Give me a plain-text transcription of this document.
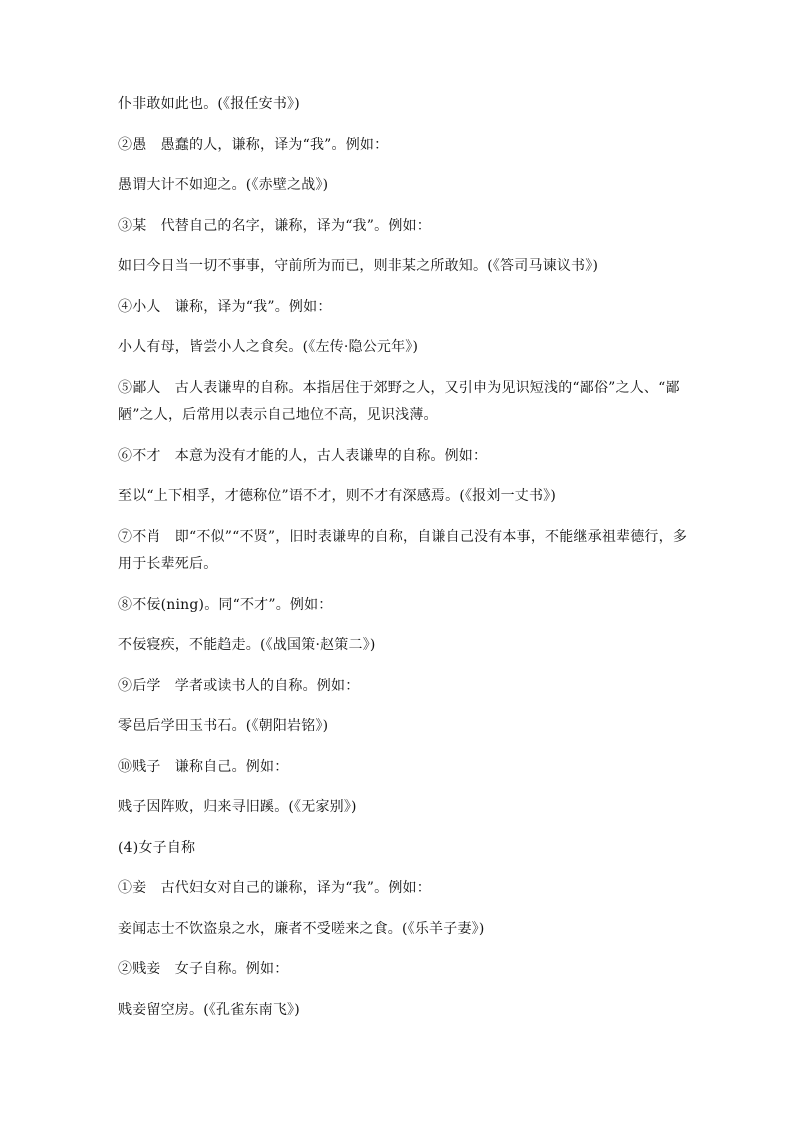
仆非敢如此也。(《报任安书》)

②愚　愚蠢的人，谦称，译为“我”。例如：

愚谓大计不如迎之。(《赤壁之战》)

③某　代替自己的名字，谦称，译为“我”。例如：

如曰今日当一切不事事，守前所为而已，则非某之所敢知。(《答司马谏议书》)

④小人　谦称，译为“我”。例如：

小人有母，皆尝小人之食矣。(《左传·隐公元年》)

⑤鄙人　古人表谦卑的自称。本指居住于郊野之人，又引申为见识短浅的“鄙俗”之人、“鄙陋”之人，后常用以表示自己地位不高，见识浅薄。

⑥不才　本意为没有才能的人，古人表谦卑的自称。例如：

至以“上下相孚，才德称位”语不才，则不才有深感焉。(《报刘一丈书》)

⑦不肖　即“不似”“不贤”，旧时表谦卑的自称，自谦自己没有本事，不能继承祖辈德行，多用于长辈死后。

⑧不佞(ning)。同“不才”。例如：

不佞寝疾，不能趋走。(《战国策·赵策二》)

⑨后学　学者或读书人的自称。例如：

零邑后学田玉书石。(《朝阳岩铭》)

⑩贱子　谦称自己。例如：

贱子因阵败，归来寻旧蹊。(《无家别》)

(4)女子自称

①妾　古代妇女对自己的谦称，译为“我”。例如：

妾闻志士不饮盗泉之水，廉者不受嗟来之食。(《乐羊子妻》)

②贱妾　女子自称。例如：

贱妾留空房。(《孔雀东南飞》)
